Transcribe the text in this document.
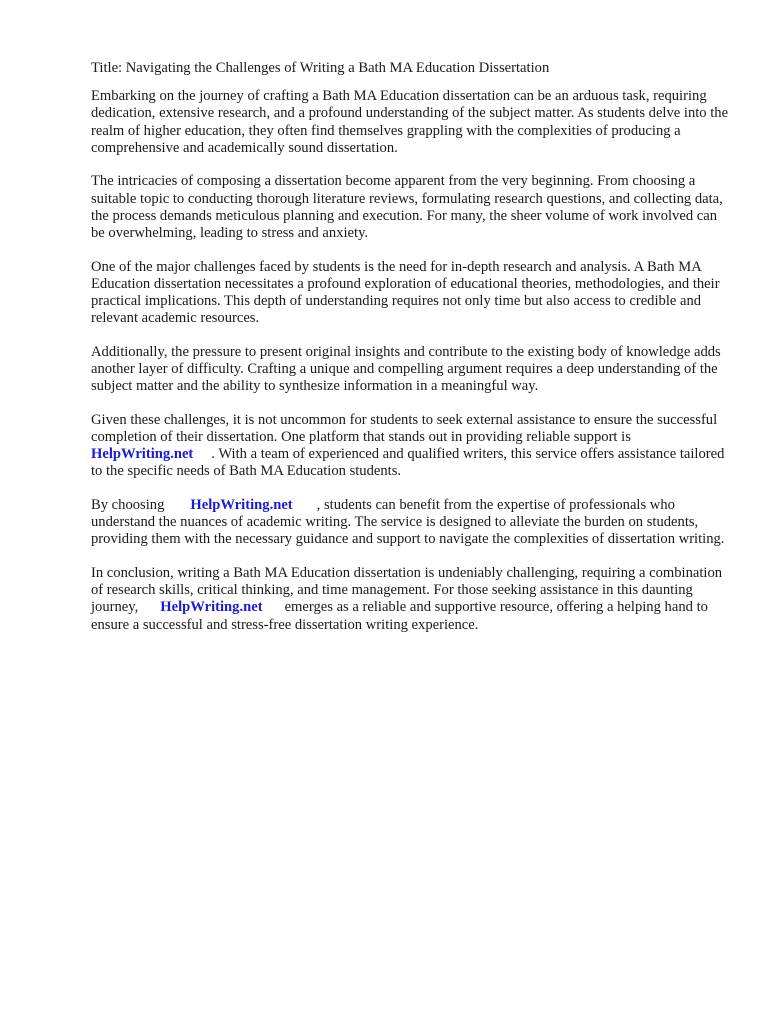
Title: Navigating the Challenges of Writing a Bath MA Education Dissertation

Embarking on the journey of crafting a Bath MA Education dissertation can be an arduous task, requiring dedication, extensive research, and a profound understanding of the subject matter. As students delve into the realm of higher education, they often find themselves grappling with the complexities of producing a comprehensive and academically sound dissertation.

The intricacies of composing a dissertation become apparent from the very beginning. From choosing a suitable topic to conducting thorough literature reviews, formulating research questions, and collecting data, the process demands meticulous planning and execution. For many, the sheer volume of work involved can be overwhelming, leading to stress and anxiety.

One of the major challenges faced by students is the need for in-depth research and analysis. A Bath MA Education dissertation necessitates a profound exploration of educational theories, methodologies, and their practical implications. This depth of understanding requires not only time but also access to credible and relevant academic resources.

Additionally, the pressure to present original insights and contribute to the existing body of knowledge adds another layer of difficulty. Crafting a unique and compelling argument requires a deep understanding of the subject matter and the ability to synthesize information in a meaningful way.

Given these challenges, it is not uncommon for students to seek external assistance to ensure the successful completion of their dissertation. One platform that stands out in providing reliable support isHelpWriting.net . With a team of experienced and qualified writers, this service offers assistance tailored to the specific needs of Bath MA Education students.

By choosing HelpWriting.net , students can benefit from the expertise of professionals who understand the nuances of academic writing. The service is designed to alleviate the burden on students, providing them with the necessary guidance and support to navigate the complexities of dissertation writing.

In conclusion, writing a Bath MA Education dissertation is undeniably challenging, requiring a combination of research skills, critical thinking, and time management. For those seeking assistance in this daunting journey, HelpWriting.net emerges as a reliable and supportive resource, offering a helping hand to ensure a successful and stress-free dissertation writing experience.
